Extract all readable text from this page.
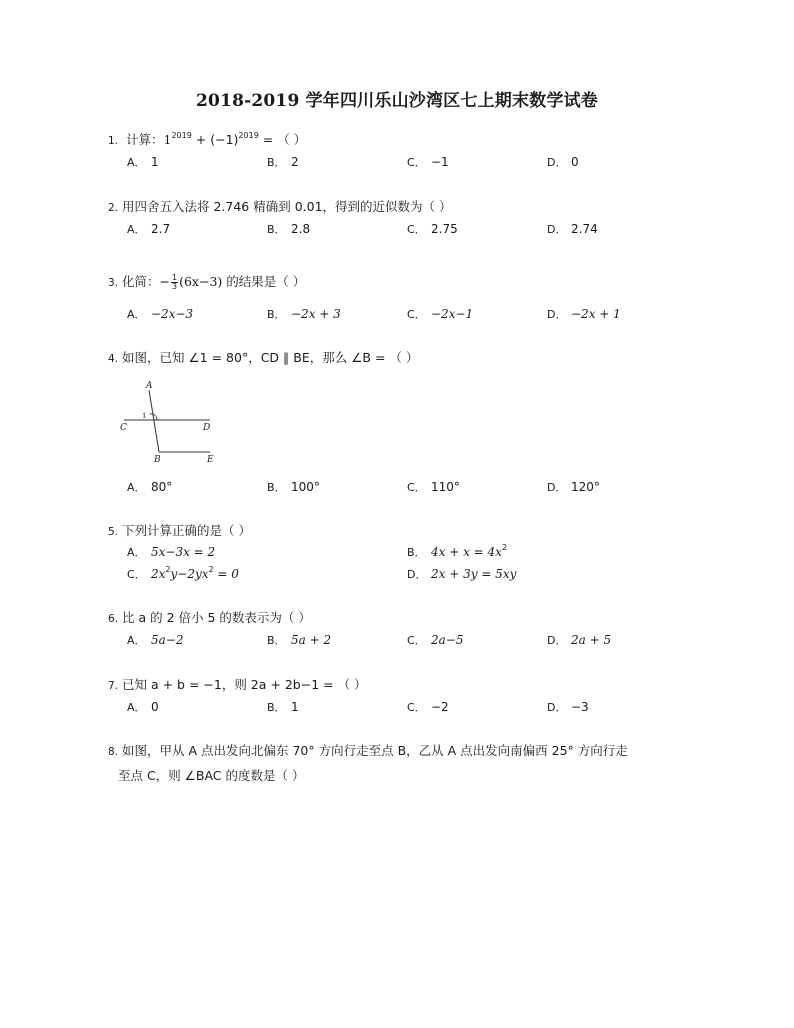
2018-2019 学年四川乐山沙湾区七上期末数学试卷
1. 计算：$1^{2019} + (-1)^{2019}$ = （ ）
A． 1	B． 2	C． −1	D． 0
2. 用四舍五入法将 2.746 精确到 0.01，得到的近似数为（ ）
A． 2.7	B． 2.8	C． 2.75	D． 2.74
3. 化简：− $\frac{1}{3} (6x-3)$ 的结果是（ ）
A． −2x−3	B． −2x + 3	C． −2x−1	D． −2x + 1
4. 如图，已知 ∠1 = 80°，CD ∥ BE，那么 ∠B = （ ）
A
1
C	D
B	E
A． 80°	B． 100°	C． 110°	D． 120°
5. 下列计算正确的是（ ）
A． 5x−3x = 2	B． $4x + x = 4x^2$
C． $2x^2y-2yx^2 = 0$	D． 2x + 3y = 5xy
6. 比 a 的 2 倍小 5 的数表示为（ ）
A． 5a−2	B． 5a + 2	C． 2a−5	D． 2a + 5
7. 已知 a + b = −1，则 2a + 2b−1 = （ ）
A． 0	B． 1	C． −2	D． −3
8. 如图，甲从 A 点出发向北偏东 70° 方向行走至点 B，乙从 A 点出发向南偏西 25° 方向行走
至点 C，则 ∠BAC 的度数是（ ）
